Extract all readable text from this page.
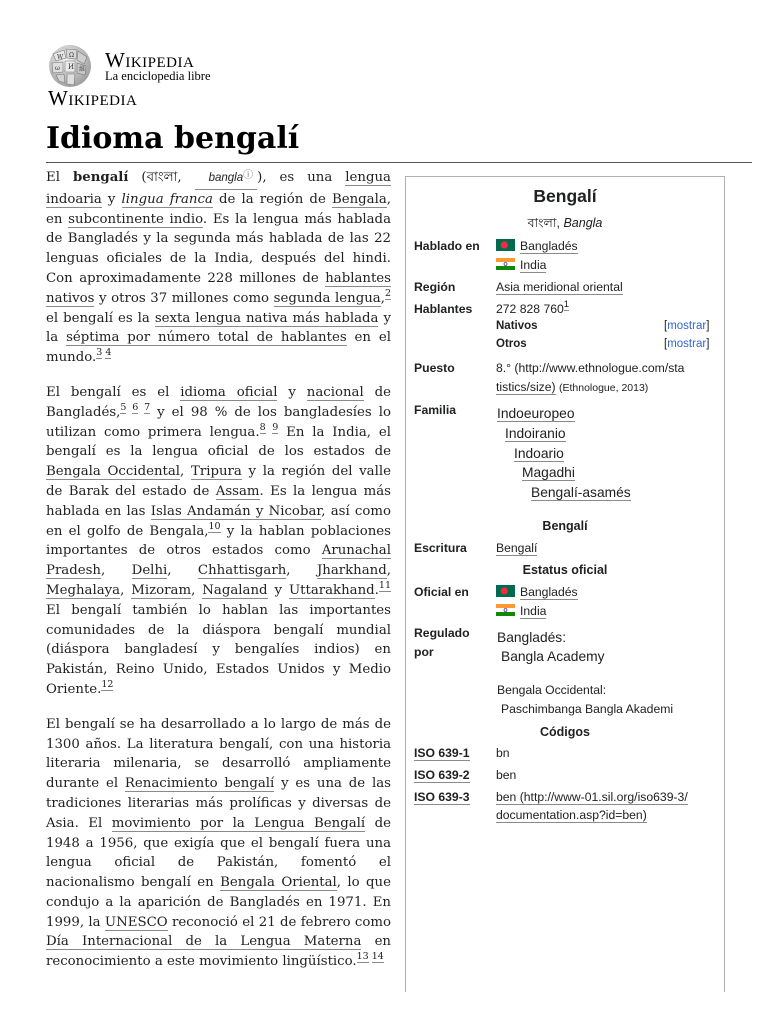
W Ω
И
ω	維 Wikipedia
La enciclopedia libre
Wikipedia
Idioma bengalí

El bengalí (বাংলা, banglaⓘ ), es una lengua indoaria y lingua franca de la región de Bengala, en subcontinente indio. Es la lengua más hablada de Bangladés y la segunda más hablada de las 22 lenguas oficiales de la India, después del hindi. Con aproximadamente 228 millones de hablantes nativos y otros 37 millones como segunda lengua,$^2$ el bengalí es la sexta lengua nativa más hablada y la séptima por número total de hablantes en el mundo.$^{3 4}$

El bengalí es el idioma oficial y nacional de Bangladés,$^{5 6 7}$ y el 98 % de los bangladesíes lo utilizan como primera lengua.$^{8 9}$ En la India, el bengalí es la lengua oficial de los estados de Bengala Occidental, Tripura y la región del valle de Barak del estado de Assam. Es la lengua más hablada en las Islas Andamán y Nicobar, así como en el golfo de Bengala,$^{10}$ y la hablan poblaciones importantes de otros estados como Arunachal Pradesh, Delhi, Chhattisgarh, Jharkhand, Meghalaya, Mizoram, Nagaland y Uttarakhand.$^{11}$ El bengalí también lo hablan las importantes comunidades de la diáspora bengalí mundial (diáspora bangladesí y bengalíes indios) en Pakistán, Reino Unido, Estados Unidos y Medio Oriente.$^{12}$

El bengalí se ha desarrollado a lo largo de más de 1300 años. La literatura bengalí, con una historia literaria milenaria, se desarrolló ampliamente durante el Renacimiento bengalí y es una de las tradiciones literarias más prolíficas y diversas de Asia. El movimiento por la Lengua Bengalí de 1948 a 1956, que exigía que el bengalí fuera una lengua oficial de Pakistán, fomentó el nacionalismo bengalí en Bengala Oriental, lo que condujo a la aparición de Bangladés en 1971. En 1999, la UNESCO reconoció el 21 de febrero como Día Internacional de la Lengua Materna en reconocimiento a este movimiento lingüístico.$^{13 14}$

Bengalí
বাংলা, Bangla
Hablado en	Bangladés
India
Región	Asia meridional oriental
Hablantes 272 828 $760^1$
Nativos	[mostrar]
Otros	[mostrar]
Puesto	8.° (http://www.ethnologue.com/sta
tistics/size) (Ethnologue, 2013)
Familia	Indoeuropeo
Indoiranio
Indoario
Magadhi
Bengalí-asamés
Bengalí
Escritura Bengalí
Estatus oficial
Oficial en	Bangladés
India
Regulado
por
Bangladés:
Bangla Academy
Bengala Occidental:
Paschimbanga Bangla Akademi
Códigos
ISO 639-1 bn
ISO 639-2 ben
ISO 639-3 ben (http://www-01.sil.org/iso639-3/
documentation.asp?id=ben)
